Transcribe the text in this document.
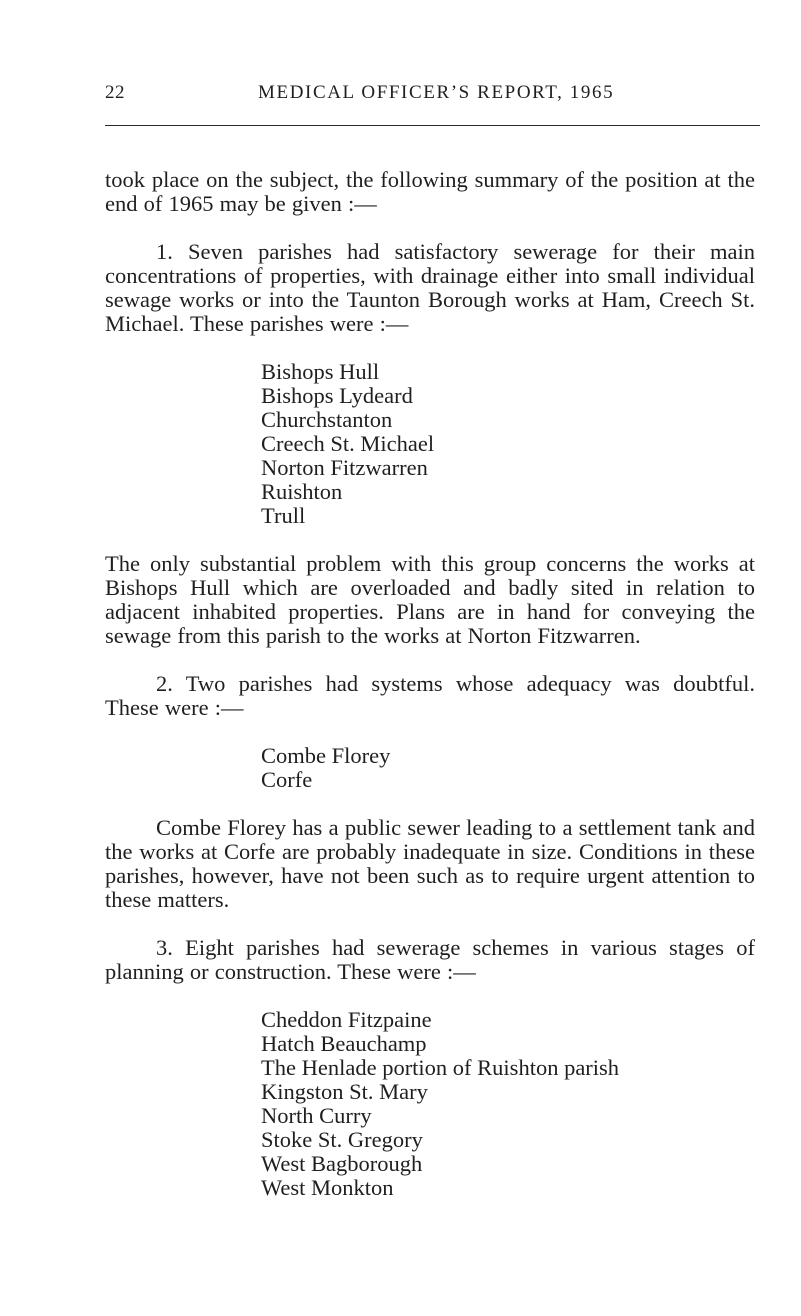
22	MEDICAL OFFICER’S REPORT, 1965

took place on the subject, the following summary of the position at the end of 1965 may be given :—

1. Seven parishes had satisfactory sewerage for their main concentrations of properties, with drainage either into small individual sewage works or into the Taunton Borough works at Ham, Creech St. Michael. These parishes were :—

Bishops Hull
Bishops Lydeard
Churchstanton
Creech St. Michael
Norton Fitzwarren
Ruishton
Trull

The only substantial problem with this group concerns the works at Bishops Hull which are overloaded and badly sited in relation to adjacent inhabited properties. Plans are in hand for conveying the sewage from this parish to the works at Norton Fitzwarren.

2. Two parishes had systems whose adequacy was doubtful. These were :—

Combe Florey
Corfe

Combe Florey has a public sewer leading to a settlement tank and the works at Corfe are probably inadequate in size. Conditions in these parishes, however, have not been such as to require urgent attention to these matters.

3. Eight parishes had sewerage schemes in various stages of planning or construction. These were :—

Cheddon Fitzpaine
Hatch Beauchamp
The Henlade portion of Ruishton parish
Kingston St. Mary
North Curry
Stoke St. Gregory
West Bagborough
West Monkton
